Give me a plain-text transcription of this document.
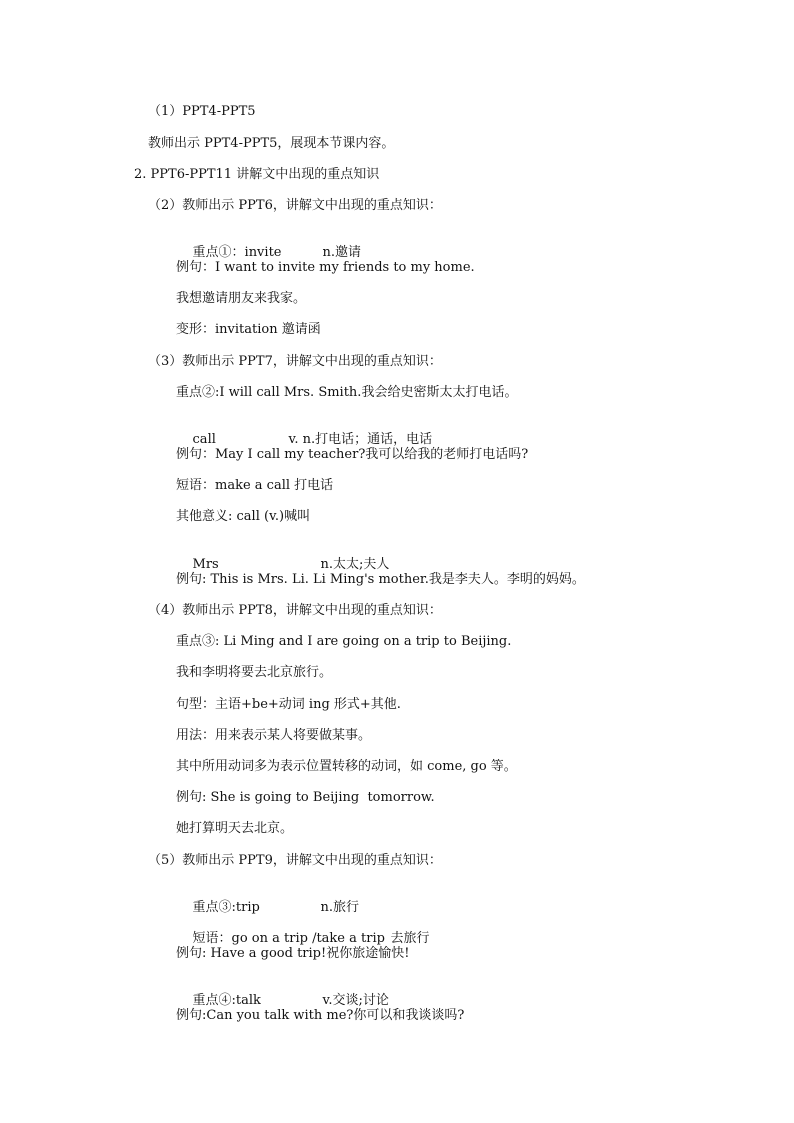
（1）PPT4-PPT5
教师出示 PPT4-PPT5，展现本节课内容。
2. PPT6-PPT11 讲解文中出现的重点知识
（2）教师出示 PPT6，讲解文中出现的重点知识：

重点①：invite	n.邀请

例句：I want to invite my friends to my home.
我想邀请朋友来我家。
变形：invitation 邀请函
（3）教师出示 PPT7，讲解文中出现的重点知识：
重点②:I will call Mrs. Smith.我会给史密斯太太打电话。

call	v. n.打电话；通话，电话

例句：May I call my teacher?我可以给我的老师打电话吗?
短语：make a call 打电话
其他意义: call (v.)喊叫

Mrs	n.太太;夫人

例句: This is Mrs. Li. Li Ming's mother.我是李夫人。李明的妈妈。
（4）教师出示 PPT8，讲解文中出现的重点知识：
重点③: Li Ming and I are going on a trip to Beijing.
我和李明将要去北京旅行。
句型：主语+be+动词 ing 形式+其他.
用法：用来表示某人将要做某事。
其中所用动词多为表示位置转移的动词，如 come, go 等。
例句: She is going to Beijing  tomorrow.
她打算明天去北京。
（5）教师出示 PPT9，讲解文中出现的重点知识：

重点③:trip	n.旅行

短语：go on a trip /take a trip 去旅行

例句: Have a good trip!祝你旅途愉快!

重点④:talk	v.交谈;讨论

例句:Can you talk with me?你可以和我谈谈吗?
